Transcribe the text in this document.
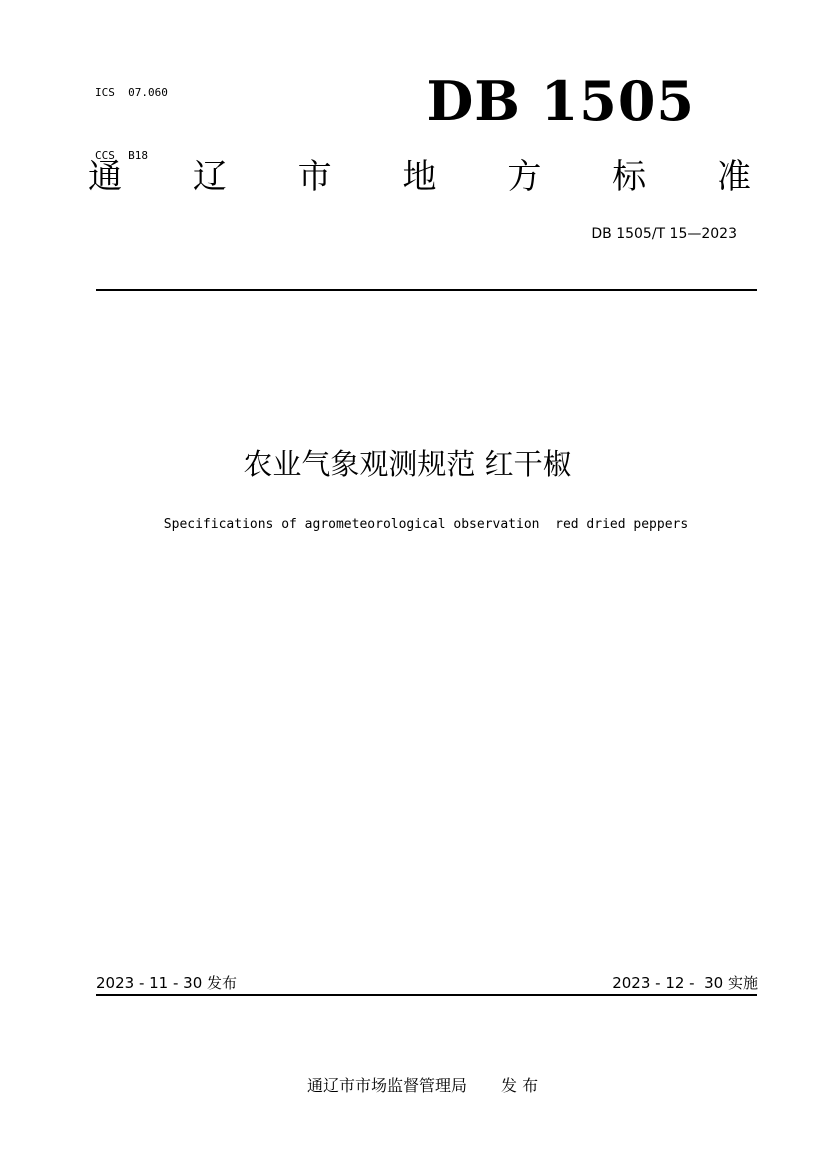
ICS  07.060

CCS  B18

DB 1505
通 辽 市 地 方 标 准
DB 1505/T 15—2023
农业气象观测规范 红干椒
Specifications of agrometeorological observation  red dried peppers
2023 - 11 - 30 发布	2023 - 12 -  30 实施

通辽市市场监督管理局 发 布
